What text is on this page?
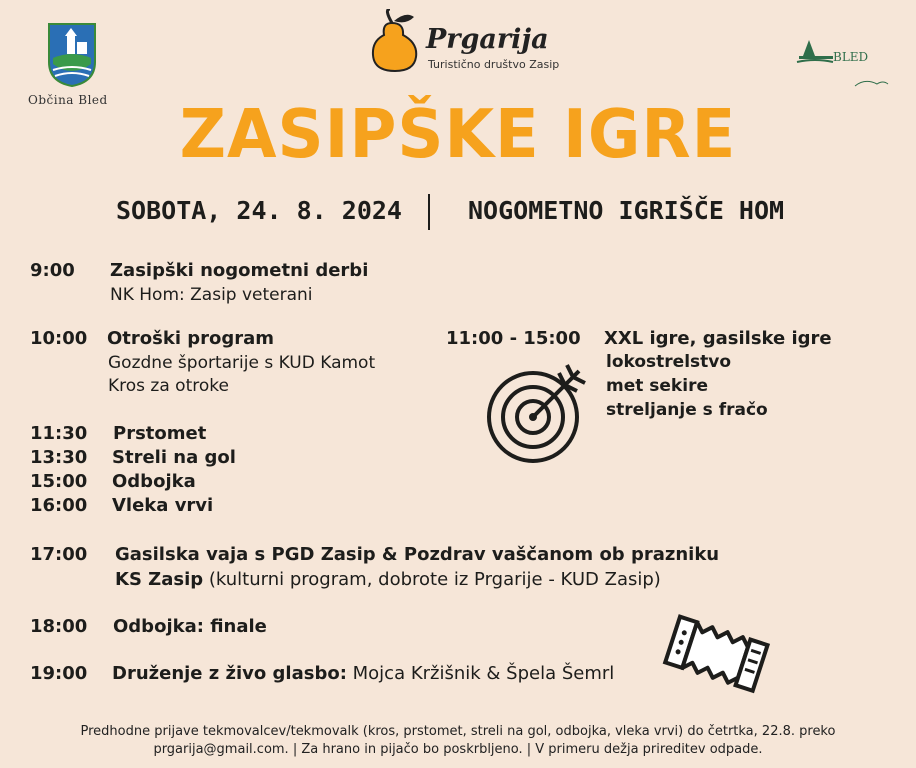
Občina Bled
Prgarija
Turistično društvo Zasip
BLED
ZASIPŠKE IGRE
SOBOTA, 24. 8. 2024	NOGOMETNO IGRIŠČE HOM
9:00 Zasipški nogometni derbi
NK Hom: Zasip veterani
10:00 Otroški program
Gozdne športarije s KUD Kamot
Kros za otroke
11:30 Prstomet
13:30 Streli na gol
15:00 Odbojka
16:00 Vleka vrvi
17:00 Gasilska vaja s PGD Zasip & Pozdrav vaščanom ob prazniku
KS Zasip (kulturni program, dobrote iz Prgarije - KUD Zasip)
18:00 Odbojka: finale
19:00 Druženje z živo glasbo: Mojca Kržišnik & Špela Šemrl
11:00 - 15:00 XXL igre, gasilske igre
lokostrelstvo
met sekire
streljanje s fračo
Predhodne prijave tekmovalcev/tekmovalk (kros, prstomet, streli na gol, odbojka, vleka vrvi) do četrtka, 22.8. preko
prgarija@gmail.com. | Za hrano in pijačo bo poskrbljeno. | V primeru dežja prireditev odpade.
